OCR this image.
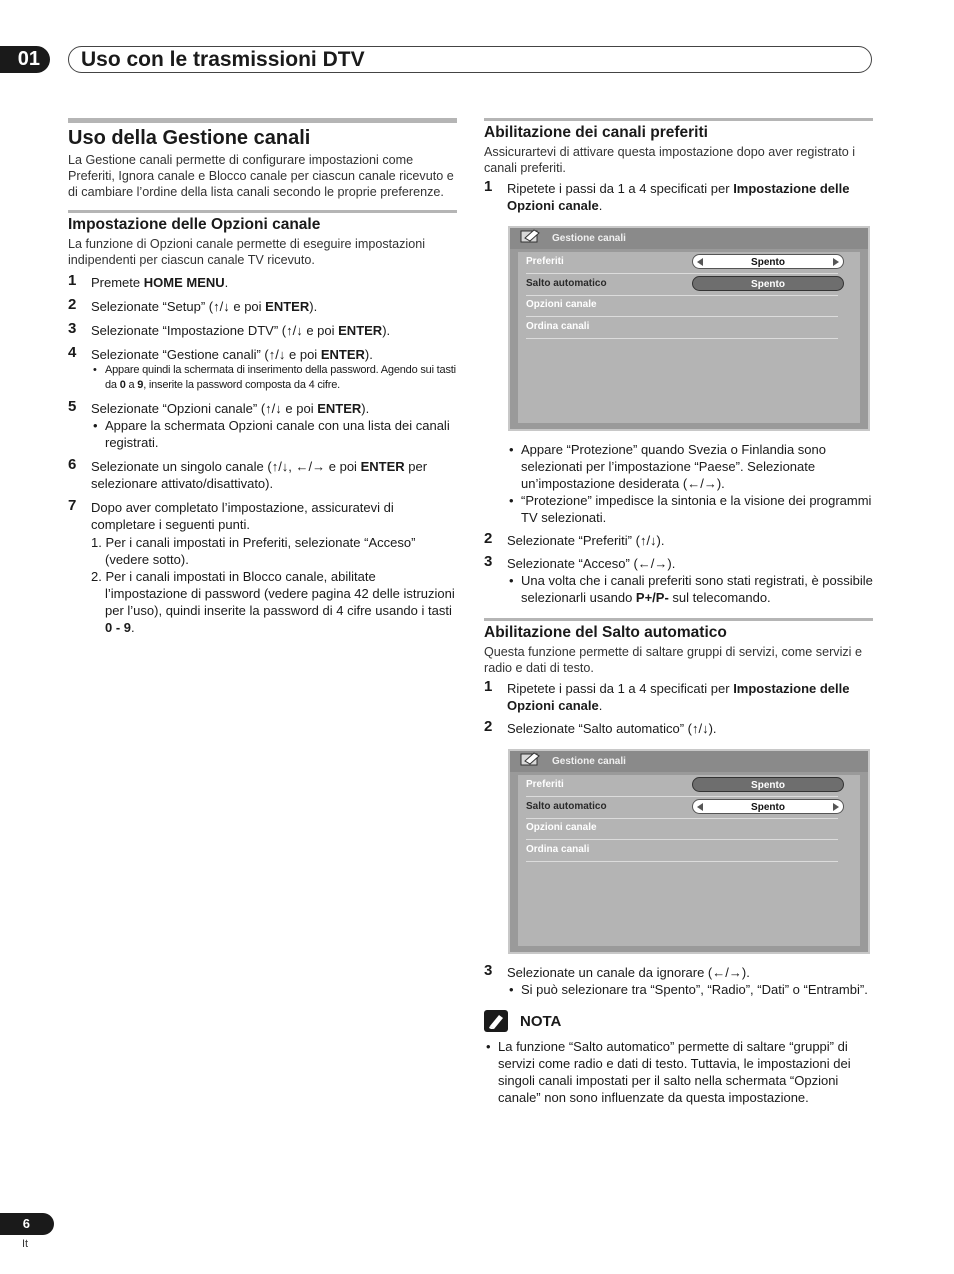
01	Uso con le trasmissioni DTV
Uso della Gestione canali

La Gestione canali permette di configurare impostazioni come Preferiti, Ignora canale e Blocco canale per ciascun canale ricevuto e di cambiare l’ordine della lista canali secondo le proprie preferenze.

Impostazione delle Opzioni canale

La funzione di Opzioni canale permette di eseguire impostazioni indipendenti per ciascun canale TV ricevuto.

1 Premete HOME MENU.
2 Selezionate “Setup” (↑/↓ e poi ENTER).
3 Selezionate “Impostazione DTV” (↑/↓ e poi ENTER).
4 Selezionate “Gestione canali” (↑/↓ e poi ENTER).
• Appare quindi la schermata di inserimento della password. Agendo sui tasti da 0 a 9, inserite la password composta da 4 cifre.
5 Selezionate “Opzioni canale” (↑/↓ e poi ENTER).
• Appare la schermata Opzioni canale con una lista dei canali registrati.
6 Selezionate un singolo canale (↑/↓, ←/→ e poi ENTER per selezionare attivato/disattivato).
7 Dopo aver completato l’impostazione, assicuratevi di completare i seguenti punti.
1. Per i canali impostati in Preferiti, selezionate “Acceso” (vedere sotto).
2. Per i canali impostati in Blocco canale, abilitate l’impostazione di password (vedere pagina 42 delle istruzioni per l’uso), quindi inserite la password di 4 cifre usando i tasti 0 - 9.
Abilitazione dei canali preferiti

Assicurartevi di attivare questa impostazione dopo aver registrato i canali preferiti.

1 Ripetete i passi da 1 a 4 specificati per Impostazione delle Opzioni canale.
Gestione canali
Preferiti	Spento
Salto automatico	Spento
Opzioni canale
Ordina canali
• Appare “Protezione” quando Svezia o Finlandia sono selezionati per l’impostazione “Paese”. Selezionate un’impostazione desiderata (←/→).
• “Protezione” impedisce la sintonia e la visione dei programmi TV selezionati.
2 Selezionate “Preferiti” (↑/↓).
3 Selezionate “Acceso” (←/→).
• Una volta che i canali preferiti sono stati registrati, è possibile selezionarli usando P+/P- sul telecomando.
Abilitazione del Salto automatico

Questa funzione permette di saltare gruppi di servizi, come servizi e radio e dati di testo.

1 Ripetete i passi da 1 a 4 specificati per Impostazione delle Opzioni canale.
2 Selezionate “Salto automatico” (↑/↓).
Gestione canali
Preferiti	Spento
Salto automatico	Spento
Opzioni canale
Ordina canali
3 Selezionate un canale da ignorare (←/→).
• Si può selezionare tra “Spento”, “Radio”, “Dati” o “Entrambi”.
NOTA
• La funzione “Salto automatico” permette di saltare “gruppi” di servizi come radio e dati di testo. Tuttavia, le impostazioni dei singoli canali impostati per il salto nella schermata “Opzioni canale” non sono influenzate da questa impostazione.
6
It
